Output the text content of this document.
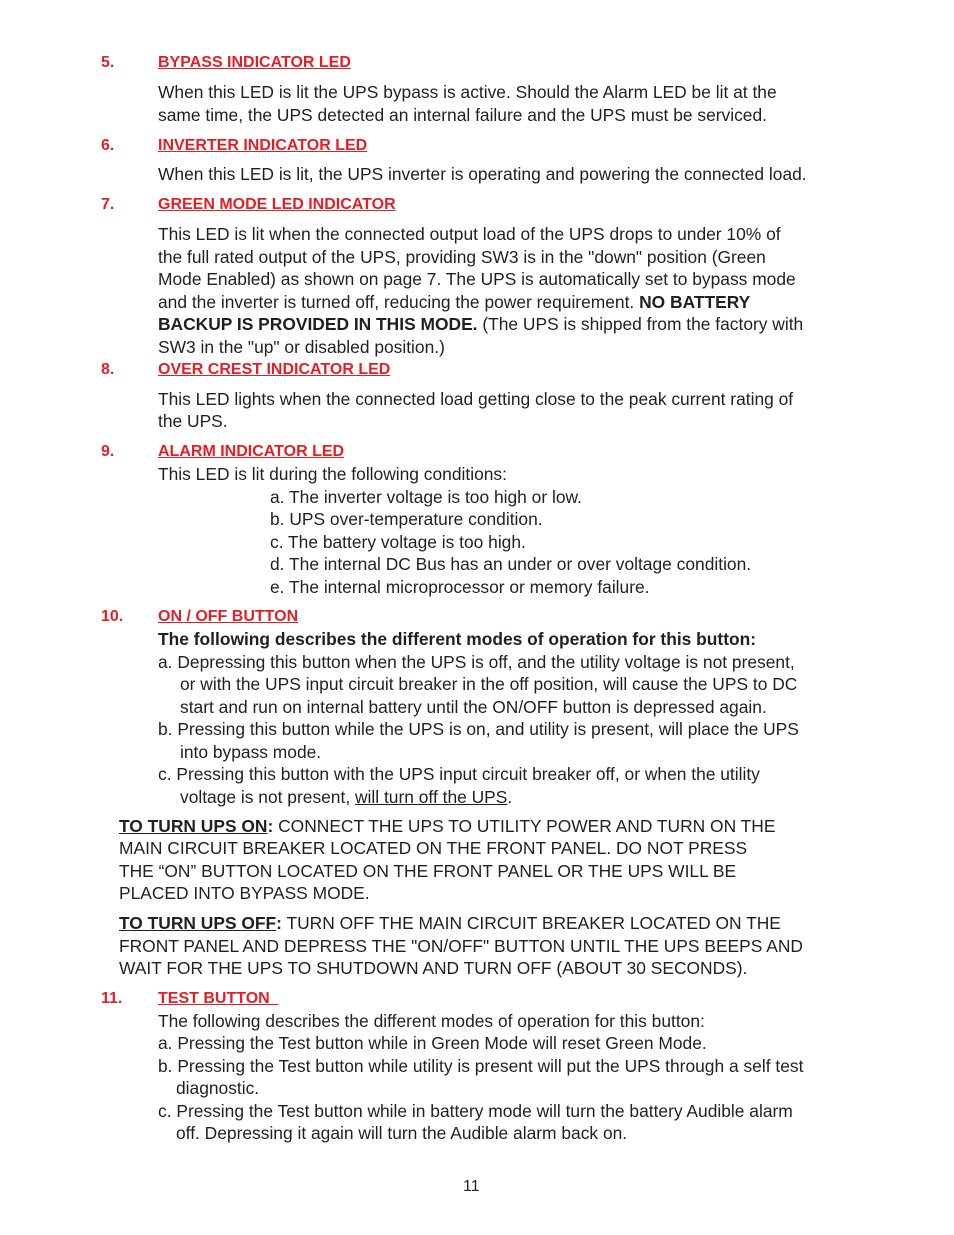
5.	BYPASS INDICATOR LED
When this LED is lit the UPS bypass is active. Should the Alarm LED be lit at the
same time, the UPS detected an internal failure and the UPS must be serviced.
6.	INVERTER INDICATOR LED
When this LED is lit, the UPS inverter is operating and powering the connected load.
7.	GREEN MODE LED INDICATOR
This LED is lit when the connected output load of the UPS drops to under 10% of
the full rated output of the UPS, providing SW3 is in the "down" position (Green
Mode Enabled) as shown on page 7. The UPS is automatically set to bypass mode
and the inverter is turned off, reducing the power requirement. NO BATTERY
BACKUP IS PROVIDED IN THIS MODE. (The UPS is shipped from the factory with
SW3 in the "up" or disabled position.)
8.	OVER CREST INDICATOR LED
This LED lights when the connected load getting close to the peak current rating of
the UPS.
9.	ALARM INDICATOR LED
This LED is lit during the following conditions:
a. The inverter voltage is too high or low.
b. UPS over-temperature condition.
c. The battery voltage is too high.
d. The internal DC Bus has an under or over voltage condition.
e. The internal microprocessor or memory failure.
10. ON / OFF BUTTON
The following describes the different modes of operation for this button:
a. Depressing this button when the UPS is off, and the utility voltage is not present,
or with the UPS input circuit breaker in the off position, will cause the UPS to DC
start and run on internal battery until the ON/OFF button is depressed again.
b. Pressing this button while the UPS is on, and utility is present, will place the UPS
into bypass mode.
c. Pressing this button with the UPS input circuit breaker off, or when the utility
voltage is not present, will turn off the UPS.
TO TURN UPS ON: CONNECT THE UPS TO UTILITY POWER AND TURN ON THE
MAIN CIRCUIT BREAKER LOCATED ON THE FRONT PANEL. DO NOT PRESS
THE “ON” BUTTON LOCATED ON THE FRONT PANEL OR THE UPS WILL BE
PLACED INTO BYPASS MODE.
TO TURN UPS OFF: TURN OFF THE MAIN CIRCUIT BREAKER LOCATED ON THE
FRONT PANEL AND DEPRESS THE "ON/OFF" BUTTON UNTIL THE UPS BEEPS AND
WAIT FOR THE UPS TO SHUTDOWN AND TURN OFF (ABOUT 30 SECONDS).
11. TEST BUTTON
The following describes the different modes of operation for this button:
a. Pressing the Test button while in Green Mode will reset Green Mode.
b. Pressing the Test button while utility is present will put the UPS through a self test
diagnostic.
c. Pressing the Test button while in battery mode will turn the battery Audible alarm
off. Depressing it again will turn the Audible alarm back on.
11
